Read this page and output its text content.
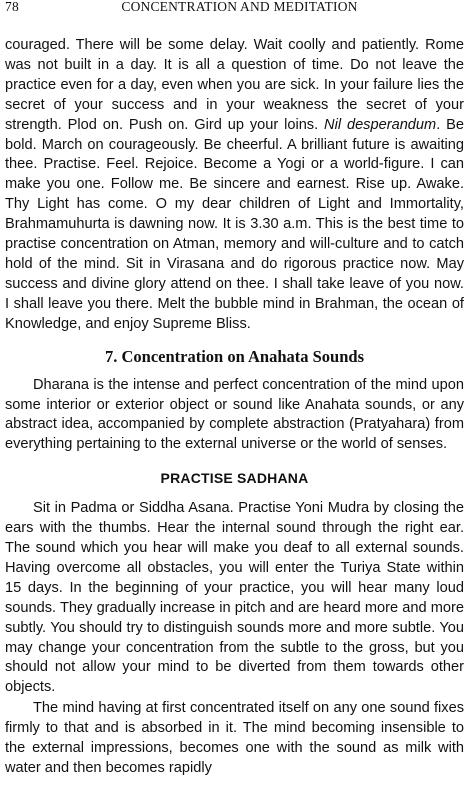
78	CONCENTRATION AND MEDITATION

couraged. There will be some delay. Wait coolly and patiently. Rome was not built in a day. It is all a question of time. Do not leave the practice even for a day, even when you are sick. In your failure lies the secret of your success and in your weakness the secret of your strength. Plod on. Push on. Gird up your loins. Nil desperandum. Be bold. March on courageously. Be cheerful. A brilliant future is awaiting thee. Practise. Feel. Rejoice. Become a Yogi or a world-figure. I can make you one. Follow me. Be sincere and earnest. Rise up. Awake. Thy Light has come. O my dear children of Light and Immortality, Brahmamuhurta is dawning now. It is 3.30 a.m. This is the best time to practise concentration on Atman, memory and will-culture and to catch hold of the mind. Sit in Virasana and do rigorous practice now. May success and divine glory attend on thee. I shall take leave of you now. I shall leave you there. Melt the bubble mind in Brahman, the ocean of Knowledge, and enjoy Supreme Bliss.

7. Concentration on Anahata Sounds

Dharana is the intense and perfect concentration of the mind upon some interior or exterior object or sound like Anahata sounds, or any abstract idea, accompanied by complete abstraction (Pratyahara) from everything pertaining to the external universe or the world of senses.

PRACTISE SADHANA

Sit in Padma or Siddha Asana. Practise Yoni Mudra by closing the ears with the thumbs. Hear the internal sound through the right ear. The sound which you hear will make you deaf to all external sounds. Having overcome all obstacles, you will enter the Turiya State within 15 days. In the beginning of your practice, you will hear many loud sounds. They gradually increase in pitch and are heard more and more subtly. You should try to distinguish sounds more and more subtle. You may change your concentration from the subtle to the gross, but you should not allow your mind to be diverted from them towards other objects.

The mind having at first concentrated itself on any one sound fixes firmly to that and is absorbed in it. The mind becoming insensible to the external impressions, becomes one with the sound as milk with water and then becomes rapidly
